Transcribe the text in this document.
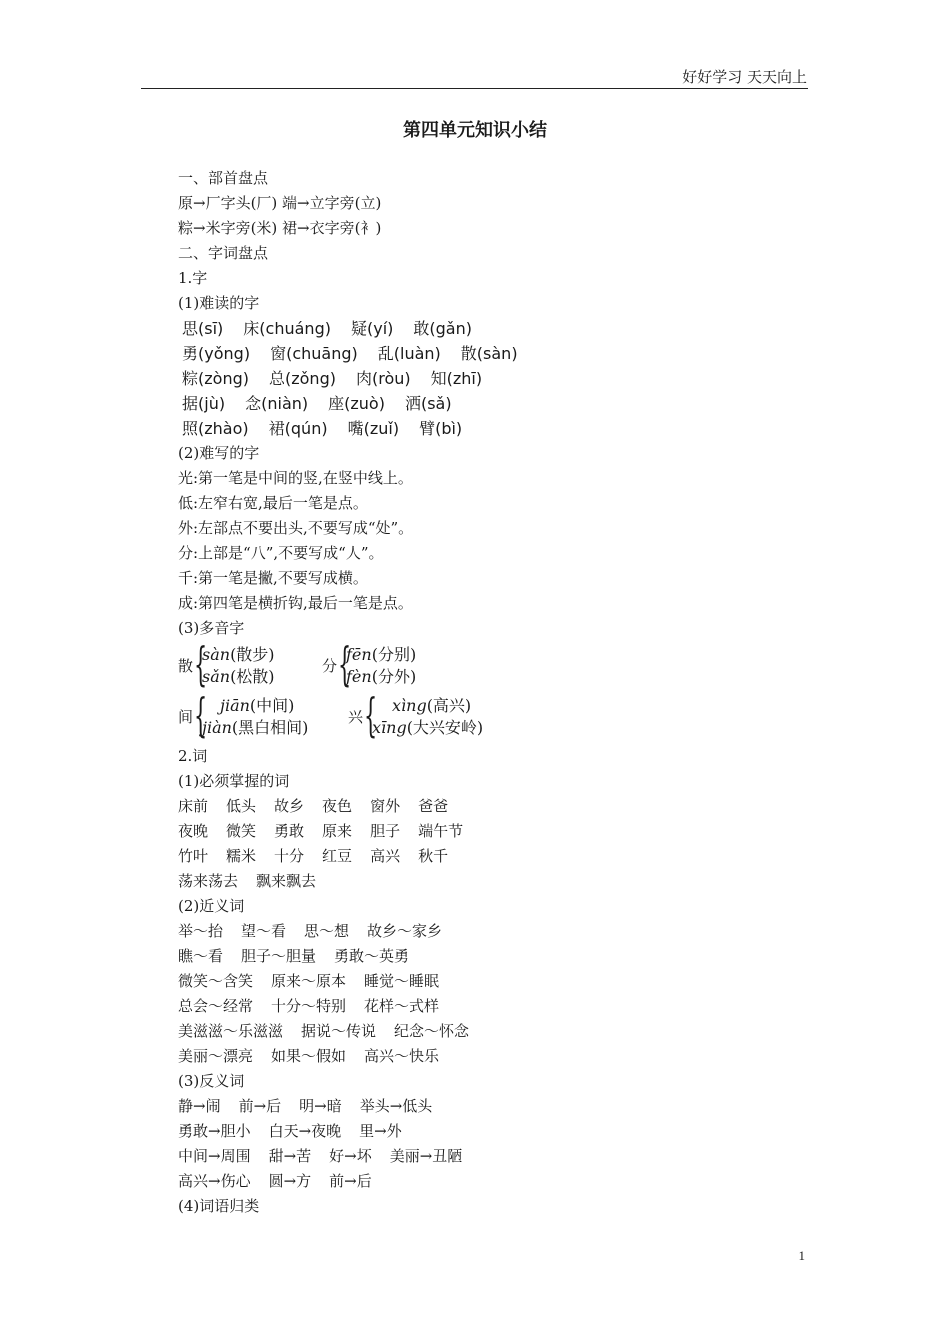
好好学习 天天向上
第四单元知识小结
一、部首盘点
原→厂字头(厂) 端→立字旁(立)
粽→米字旁(米) 裙→衣字旁(衤)
二、字词盘点
1.字
(1)难读的字
思(sī) 床(chuáng) 疑(yí) 敢(gǎn)
勇(yǒng) 窗(chuāng) 乱(luàn) 散(sàn)
粽(zòng) 总(zǒng) 肉(ròu) 知(zhī)
据(jù) 念(niàn) 座(zuò) 洒(sǎ)
照(zhào) 裙(qún) 嘴(zuǐ) 臂(bì)
(2)难写的字
光:第一笔是中间的竖,在竖中线上。
低:左窄右宽,最后一笔是点。
外:左部点不要出头,不要写成“处”。
分:上部是“八”,不要写成“人”。
千:第一笔是撇,不要写成横。
成:第四笔是横折钩,最后一笔是点。
(3)多音字
散 {
sàn(散步)
sǎn(松散)
分 {
fēn(分别)
fèn(分外)
间 { jiān(中间)
jiàn(黑白相间)
兴 { xìng(高兴)
xīng(大兴安岭)
2.词
(1)必须掌握的词
床前 低头 故乡 夜色 窗外 爸爸
夜晚 微笑 勇敢 原来 胆子 端午节
竹叶 糯米 十分 红豆 高兴 秋千
荡来荡去 飘来飘去
(2)近义词
举～抬 望～看 思～想 故乡～家乡
瞧～看胆子～胆量 勇敢～英勇
微笑～含笑 原来～原本 睡觉～睡眠
总会～经常 十分～特别 花样～式样
美滋滋～乐滋滋 据说～传说 纪念～怀念
美丽～漂亮 如果～假如 高兴～快乐
(3)反义词
静→闹 前→后 明→暗 举头→低头
勇敢→胆小 白天→夜晚 里→外
中间→周围 甜→苦 好→坏 美丽→丑陋
高兴→伤心 圆→方 前→后
(4)词语归类
1
